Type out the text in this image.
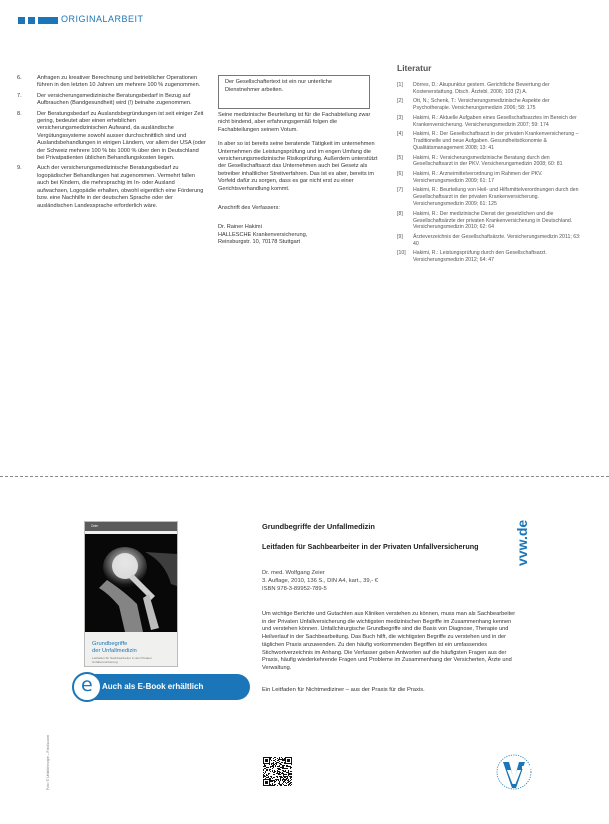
ORIGINALARBEIT
6.	Anfragen zu kreativer Berechnung und betrieblicher Operationen führen in den letzten 10 Jahren um mehrere 100 % zugenommen.
7.	Der versicherungsmedizinische Beratungsbedarf in Bezug auf Aufbrauchen (Bandgesundheit) wird (!) beinahe zugenommen.
8.	Der Beratungsbedarf zu Auslandsbegründungen ist seit einiger Zeit gering, bedeutet aber einen erheblichen versicherungsmedizinischen Aufwand, da ausländische Vergütungssysteme sowohl ausser durchschnittlich sind und Auslandsbehandlungen in einigen Ländern, vor allem der USA (oder der Schweiz mehrere 100 % bis 1000 % über den in Deutschland bei Privatpatienten üblichen Behandlungskosten liegen.
9.	Auch der versicherungsmedizinische Beratungsbedarf zu logopädischer Behandlungen hat zugenommen. Vermehrt fallen auch bei Kindern, die mehrsprachig im In- oder Ausland aufwachsen, Logopädie erhalten, obwohl eigentlich eine Förderung bzw. eine Nachhilfe in der deutschen Sprache oder der ausländischen Landessprache erforderlich wäre.
Der Gesellschaftertext ist ein nur unterliche Dienstnehmer arbeiten.

Seine medizinische Beurteilung ist für die Fachabteilung zwar nicht bindend, aber erfahrungsgemäß folgen die Fachabteilungen seinem Votum.

In aber so ist bereits seine beratende Tätigkeit im unternehmen Unternehmen die Leistungsprüfung und im engen Umfang die versicherungsmedizinische Risikoprüfung. Außerdem unterstützt der Gesellschaftsarzt das Unternehmen auch bei Gesetz als betreiber inhaltlicher Streitverfahren. Das ist es aber, bereits im Vorfeld dafür zu sorgen, dass es gar nicht erst zu einer Gerichtsverhandlung kommt.

Anschrift des Verfassers:
Dr. Rainer Hakimi
HALLESCHE Krankenversicherung,
Reinsburgstr. 10, 70178 Stuttgart
Literatur
[1]	Dörres, D.: Akupunktur gestern. Gerichtliche Bewertung der Kostenerstattung. Dtsch. Ärztebl. 2006; 103 (2) A.
[2]	Ott, N.; Schenk, T.: Versicherungsmedizinische Aspekte der Psychotherapie. Versicherungsmedizin 2006; 58: 175
[3]	Hakimi, R.: Aktuelle Aufgaben eines Gesellschaftsarztes im Bereich der Krankenversicherung. Versicherungsmedizin 2007; 59: 174
[4]	Hakimi, R.: Der Gesellschaftsarzt in der privaten Krankenversicherung – Traditionelle und neue Aufgaben. Gesundheitsökonomie & Qualitätsmanagement 2008; 13: 41
[5]	Hakimi, R.: Versicherungsmedizinische Beratung durch den Gesellschaftsarzt in der PKV. Versicherungsmedizin 2008; 60: 81
[6]	Hakimi, R.: Arzneimittelverordnung im Rahmen der PKV. Versicherungsmedizin 2009; 61: 17
[7]	Hakimi, R.: Beurteilung von Heil- und Hilfsmittelverordnungen durch den Gesellschaftsarzt in der privaten Krankenversicherung. Versicherungsmedizin 2009; 61: 125
[8]	Hakimi, R.: Der medizinische Dienst der gesetzlichen und die Gesellschaftsärzte der privaten Krankenversicherung in Deutschland. Versicherungsmedizin 2010; 62: 64
[9]	Ärzteverzeichnis der Gesellschaftsärzte. Versicherungsmedizin 2011; 63: 40
[10]	Hakimi, R.: Leistungsprüfung durch den Gesellschaftsarzt. Versicherungsmedizin 2012; 64: 47
Zeier
Grundbegriffe
der Unfallmedizin
Leitfaden für Sachbearbeiter in der Privaten Unfallversicherung
e Auch als E-Book erhältlich
Foto: © Unfallchirurgie – Fotolia.com
Grundbegriffe der Unfallmedizin
Leitfaden für Sachbearbeiter in der Privaten Unfallversicherung
Dr. med. Wolfgang Zeier
3. Auflage, 2010, 136 S., DIN A4, kart., 39,- €
ISBN 978-3-89952-789-5
Um wichtige Berichte und Gutachten aus Kliniken verstehen zu können, muss man als Sachbearbeiter in der Privaten Unfallversicherung die wichtigsten medizinischen Begriffe im Zusammenhang kennen und verstehen können. Unfallchirurgische Grundbegriffe sind die Basis von Diagnose, Therapie und Heilverlauf in der Sachbearbeitung. Das Buch hilft, die wichtigsten Begriffe zu verstehen und in der täglichen Praxis anzuwenden. Zu den häufig vorkommenden Begriffen ist ein umfassendes Stichwortverzeichnis im Anhang. Die Verfasser geben Antworten auf die häufigsten Fragen aus der Praxis, häufig wiederkehrende Fragen und Probleme im Zusammenhang der Versicherten, Ärzte und Verwaltung.
Ein Leitfaden für Nichtmediziner – aus der Praxis für die Praxis.
vvw.de
